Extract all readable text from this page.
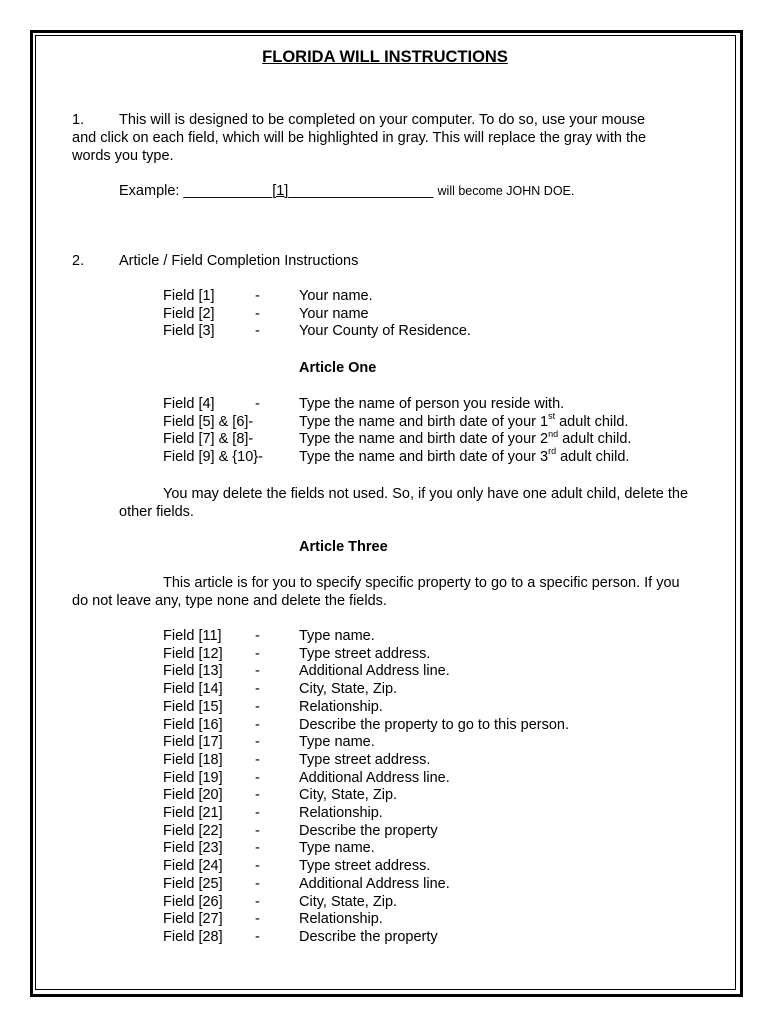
FLORIDA WILL INSTRUCTIONS
1. This will is designed to be completed on your computer. To do so, use your mouse
and click on each field, which will be highlighted in gray. This will replace the gray with the words you type.
Example: ___________[1]__________________ will become JOHN DOE.
2. Article / Field Completion Instructions
Field [1]	-	Your name.
Field [2]	-	Your name
Field [3]	-	Your County of Residence.
Article One
Field [4]	-	Type the name of person you reside with.
Field [5] & [6]-	Type the name and birth date of your 1st adult child.
Field [7] & [8]-	Type the name and birth date of your 2nd adult child.
Field [9] & {10}- Type the name and birth date of your 3rd adult child.
You may delete the fields not used. So, if you only have one adult child, delete the other fields.
Article Three
This article is for you to specify specific property to go to a specific person. If you do not leave any, type none and delete the fields.
Field [11] -	Type name.
Field [12] -	Type street address.
Field [13] -	Additional Address line.
Field [14] -	City, State, Zip.
Field [15] -	Relationship.
Field [16] -	Describe the property to go to this person.
Field [17] -	Type name.
Field [18] -	Type street address.
Field [19] -	Additional Address line.
Field [20] -	City, State, Zip.
Field [21] -	Relationship.
Field [22] -	Describe the property
Field [23] -	Type name.
Field [24] -	Type street address.
Field [25] -	Additional Address line.
Field [26] -	City, State, Zip.
Field [27] -	Relationship.
Field [28] -	Describe the property
